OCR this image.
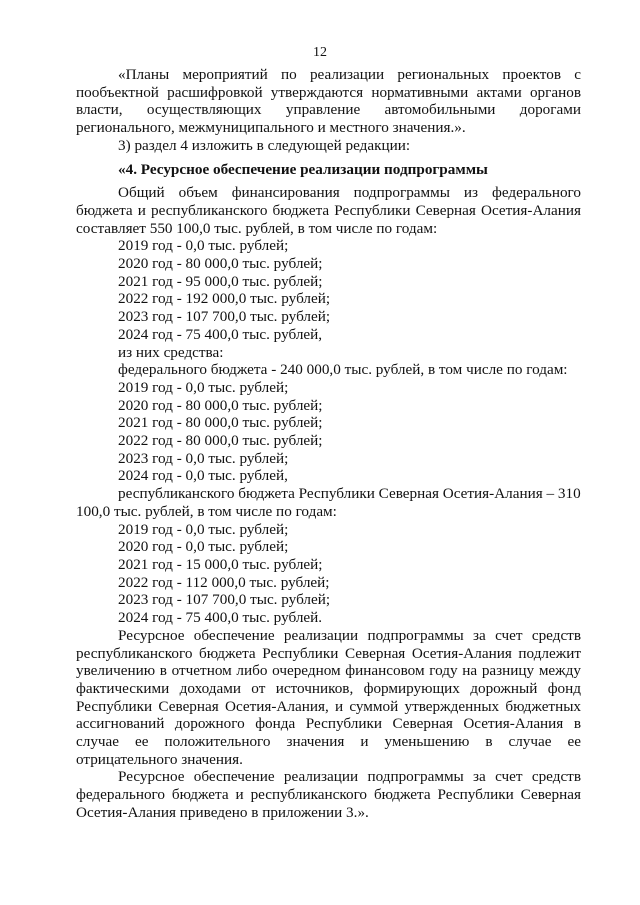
12

«Планы мероприятий по реализации региональных проектов с пообъектной расшифровкой утверждаются нормативными актами органов власти, осуществляющих управление автомобильными дорогами регионального, межмуниципального и местного значения.».

3) раздел 4 изложить в следующей редакции:

«4. Ресурсное обеспечение реализации подпрограммы

Общий объем финансирования подпрограммы из федерального бюджета и республиканского бюджета Республики Северная Осетия-Алания составляет 550 100,0 тыс. рублей, в том числе по годам:

2019 год - 0,0 тыс. рублей;
2020 год - 80 000,0 тыс. рублей;
2021 год - 95 000,0 тыс. рублей;
2022 год - 192 000,0 тыс. рублей;
2023 год - 107 700,0 тыс. рублей;
2024 год - 75 400,0 тыс. рублей,

из них средства:

федерального бюджета - 240 000,0 тыс. рублей, в том числе по годам:

2019 год - 0,0 тыс. рублей;
2020 год - 80 000,0 тыс. рублей;
2021 год - 80 000,0 тыс. рублей;
2022 год - 80 000,0 тыс. рублей;
2023 год - 0,0 тыс. рублей;
2024 год - 0,0 тыс. рублей,

республиканского бюджета Республики Северная Осетия-Алания – 310 100,0 тыс. рублей, в том числе по годам:

2019 год - 0,0 тыс. рублей;
2020 год - 0,0 тыс. рублей;
2021 год - 15 000,0 тыс. рублей;
2022 год - 112 000,0 тыс. рублей;
2023 год - 107 700,0 тыс. рублей;
2024 год - 75 400,0 тыс. рублей.

Ресурсное обеспечение реализации подпрограммы за счет средств республиканского бюджета Республики Северная Осетия-Алания подлежит увеличению в отчетном либо очередном финансовом году на разницу между фактическими доходами от источников, формирующих дорожный фонд Республики Северная Осетия-Алания, и суммой утвержденных бюджетных ассигнований дорожного фонда Республики Северная Осетия-Алания в случае ее положительного значения и уменьшению в случае ее отрицательного значения.

Ресурсное обеспечение реализации подпрограммы за счет средств федерального бюджета и республиканского бюджета Республики Северная Осетия-Алания приведено в приложении 3.».
